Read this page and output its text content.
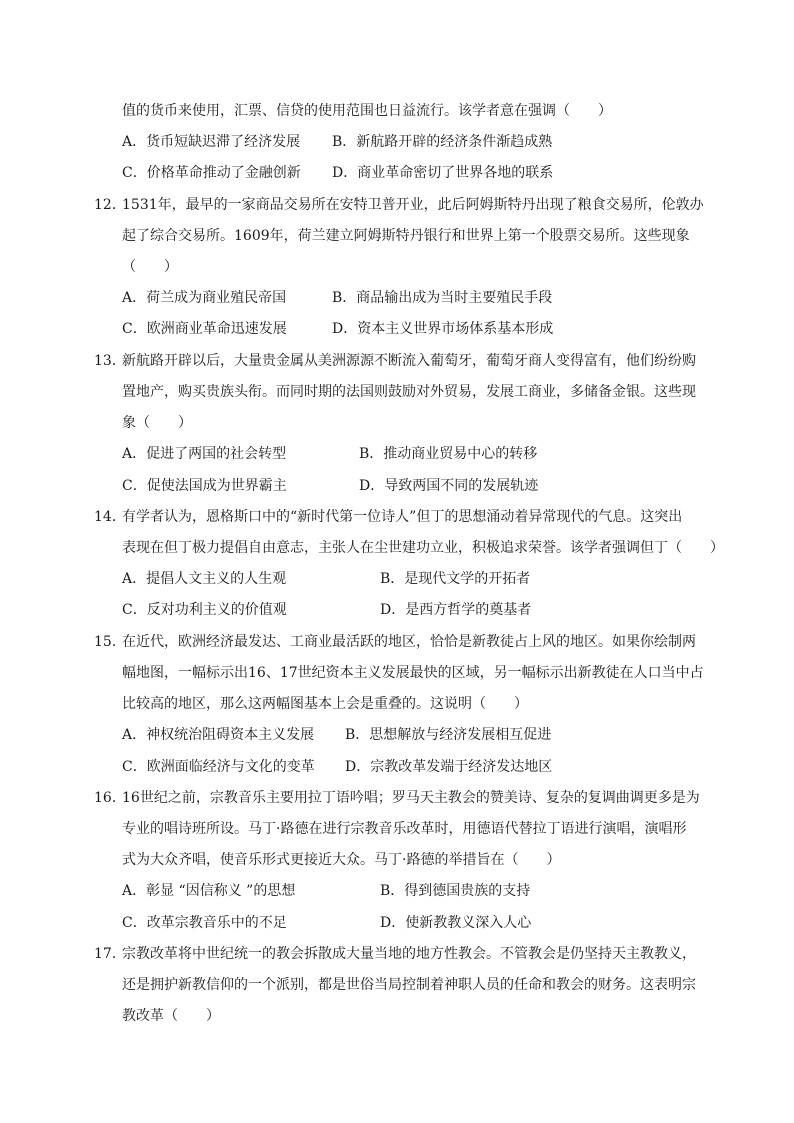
值的货币来使用，汇票、信贷的使用范围也日益流行。该学者意在强调（　　）
A．货币短缺迟滞了经济发展 B．新航路开辟的经济条件渐趋成熟
C．价格革命推动了金融创新 D．商业革命密切了世界各地的联系
12．
1531年，最早的一家商品交易所在安特卫普开业，此后阿姆斯特丹出现了粮食交易所，伦敦办
起了综合交易所。1609年，荷兰建立阿姆斯特丹银行和世界上第一个股票交易所。这些现象
（　　）
A．荷兰成为商业殖民帝国	B．商品输出成为当时主要殖民手段
C．欧洲商业革命迅速发展	D．资本主义世界市场体系基本形成
13．
新航路开辟以后，大量贵金属从美洲源源不断流入葡萄牙，葡萄牙商人变得富有，他们纷纷购
置地产，购买贵族头衔。而同时期的法国则鼓励对外贸易，发展工商业，多储备金银。这些现
象（　　）
A．促进了两国的社会转型	B．推动商业贸易中心的转移
C．促使法国成为世界霸主	D．导致两国不同的发展轨迹
14．
有学者认为，恩格斯口中的“新时代第一位诗人”但丁的思想涌动着异常现代的气息。这突出
表现在但丁极力提倡自由意志，主张人在尘世建功立业，积极追求荣誉。该学者强调但丁（　　）
A．提倡人文主义的人生观	B．是现代文学的开拓者
C．反对功利主义的价值观	D．是西方哲学的奠基者
15．
在近代，欧洲经济最发达、工商业最活跃的地区，恰恰是新教徒占上风的地区。如果你绘制两
幅地图，一幅标示出16、17世纪资本主义发展最快的区域，另一幅标示出新教徒在人口当中占
比较高的地区，那么这两幅图基本上会是重叠的。这说明（　　）
A．神权统治阻碍资本主义发展 B．思想解放与经济发展相互促进
C．欧洲面临经济与文化的变革 D．宗教改革发端于经济发达地区
16．
16世纪之前，宗教音乐主要用拉丁语吟唱；罗马天主教会的赞美诗、复杂的复调曲调更多是为
专业的唱诗班所设。马丁·路德在进行宗教音乐改革时，用德语代替拉丁语进行演唱，演唱形
式为大众齐唱，使音乐形式更接近大众。马丁·路德的举措旨在（　　）
A．彰显 “因信称义 ”的思想	B．得到德国贵族的支持
C．改革宗教音乐中的不足	D．使新教教义深入人心
17．
宗教改革将中世纪统一的教会拆散成大量当地的地方性教会。不管教会是仍坚持天主教教义，
还是拥护新教信仰的一个派别，都是世俗当局控制着神职人员的任命和教会的财务。这表明宗
教改革（　　）
